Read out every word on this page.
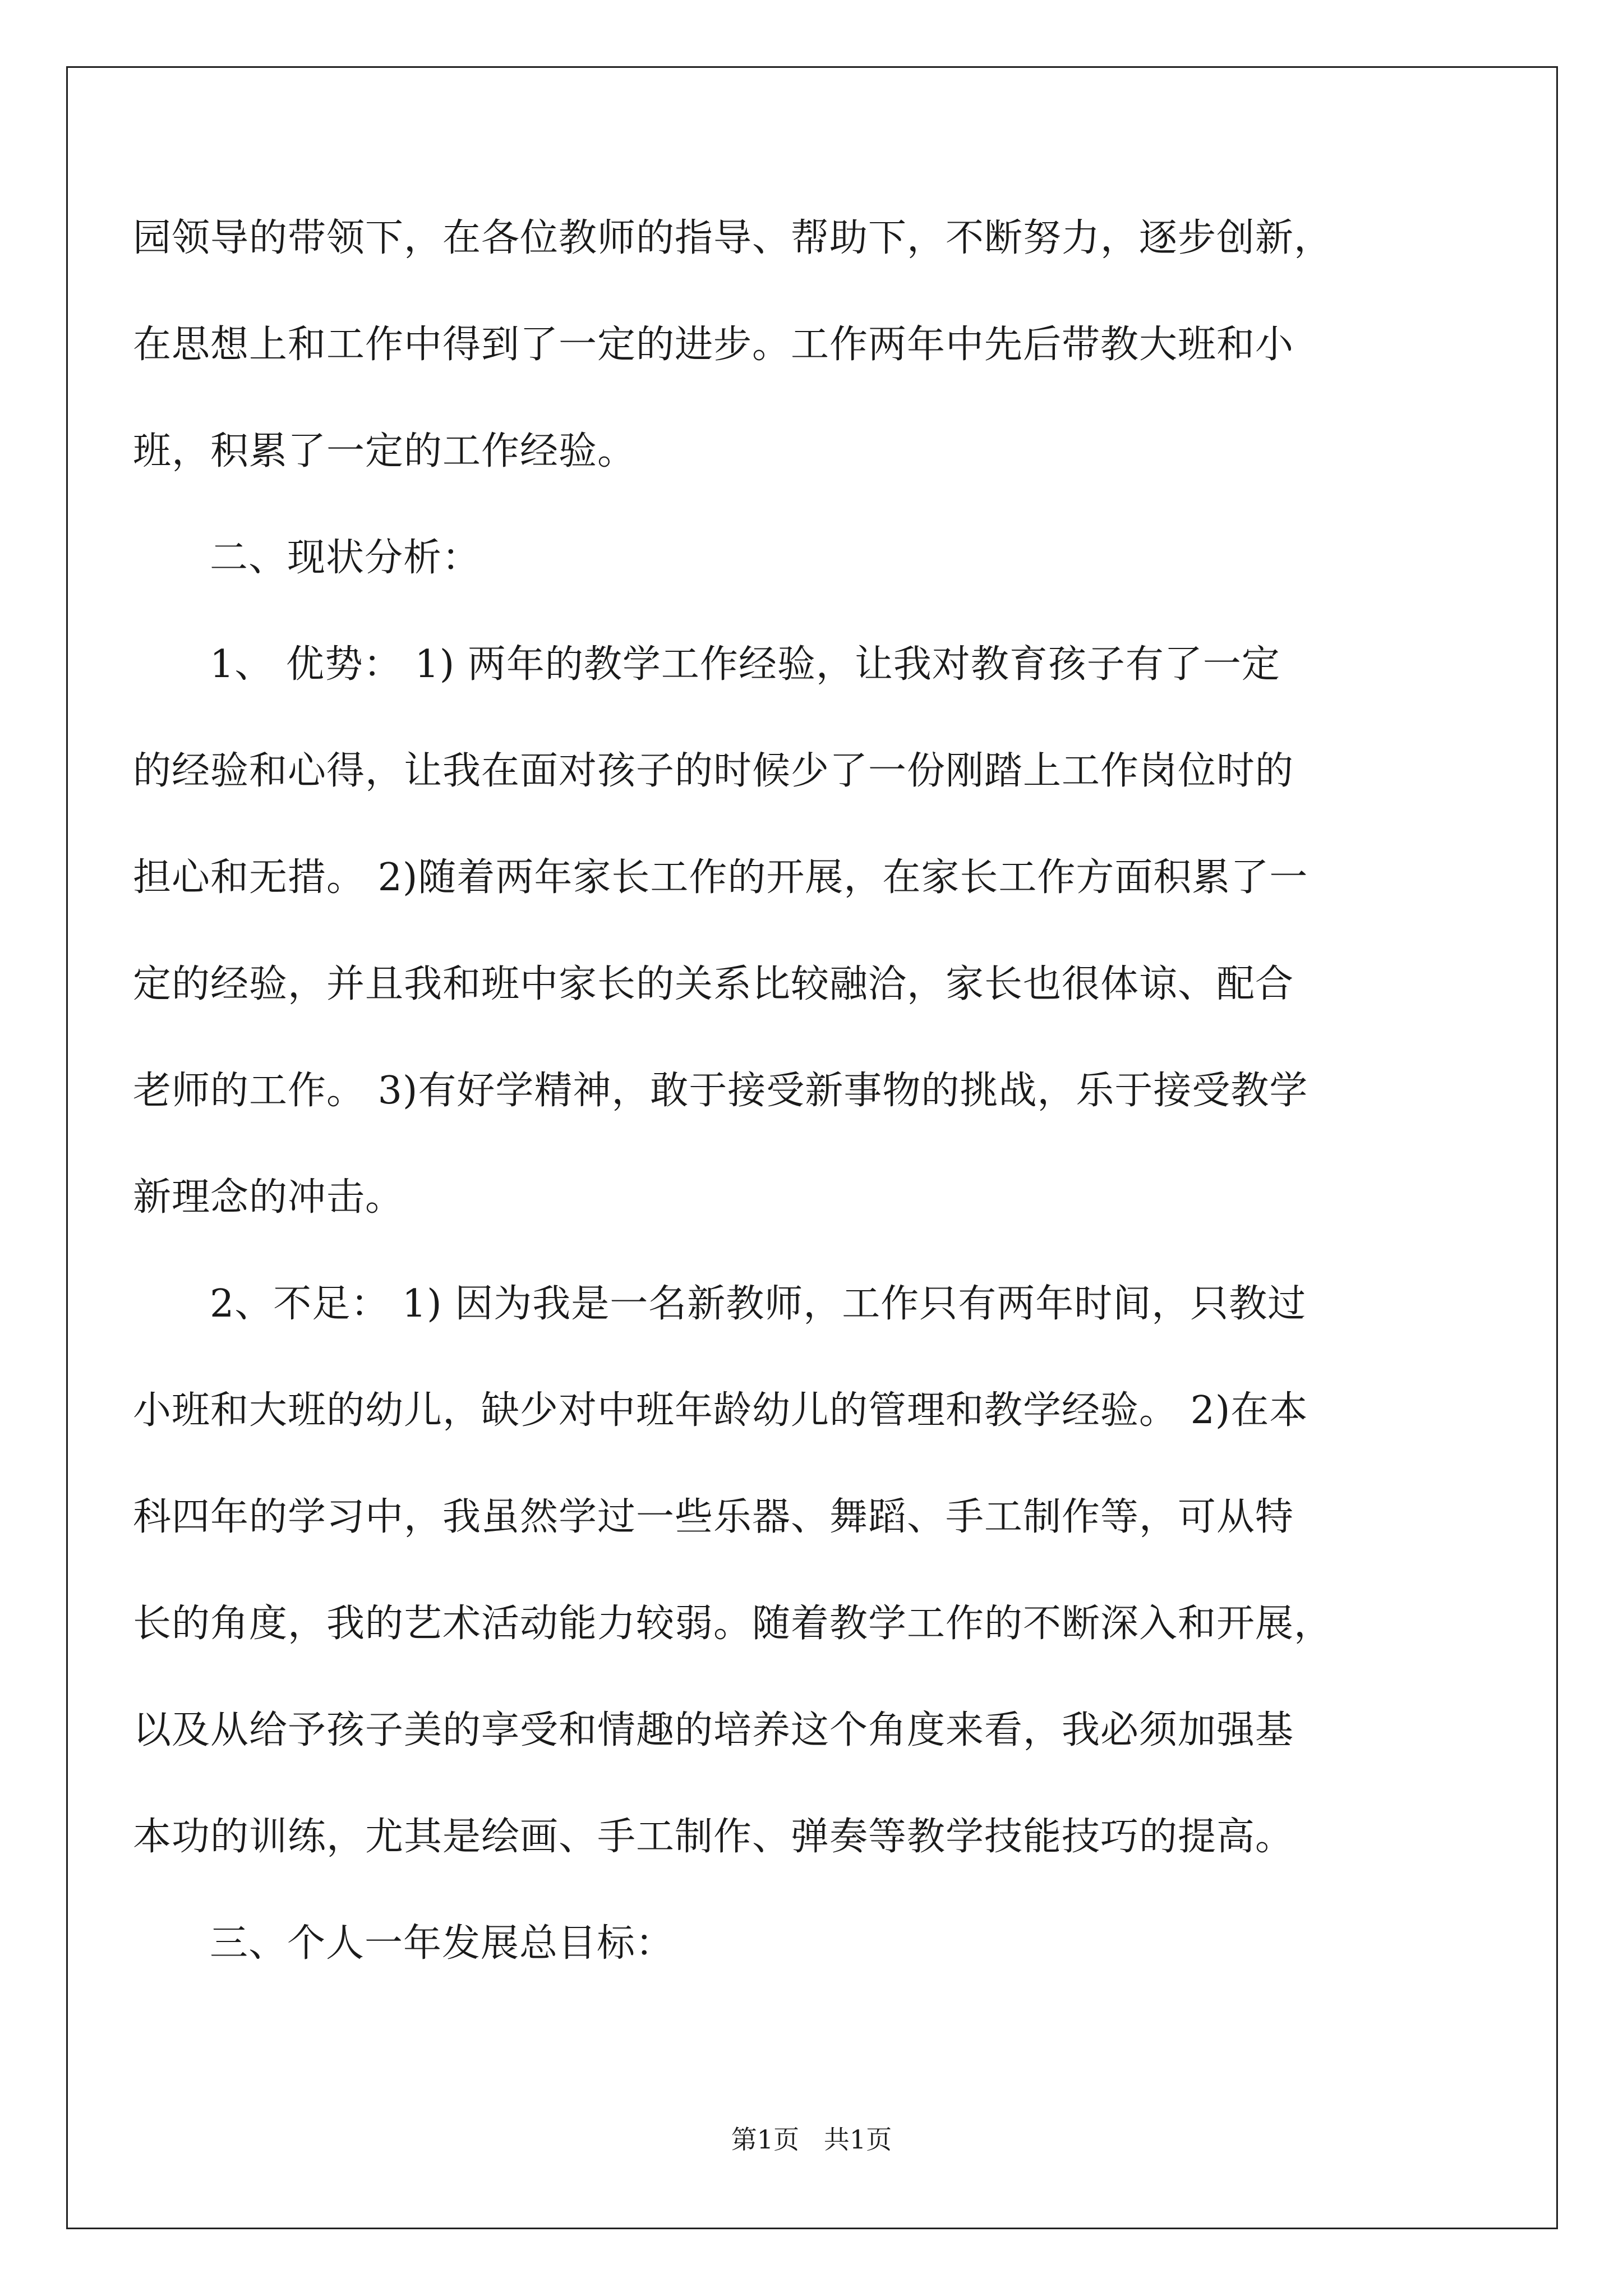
园领导的带领下，在各位教师的指导、帮助下，不断努力，逐步创新，
在思想上和工作中得到了一定的进步。工作两年中先后带教大班和小
班，积累了一定的工作经验。
二、现状分析：
1、 优势： 1) 两年的教学工作经验，让我对教育孩子有了一定
的经验和心得，让我在面对孩子的时候少了一份刚踏上工作岗位时的
担心和无措。 2)随着两年家长工作的开展，在家长工作方面积累了一
定的经验，并且我和班中家长的关系比较融洽，家长也很体谅、配合
老师的工作。 3)有好学精神，敢于接受新事物的挑战，乐于接受教学
新理念的冲击。
2、不足： 1) 因为我是一名新教师，工作只有两年时间，只教过
小班和大班的幼儿，缺少对中班年龄幼儿的管理和教学经验。 2)在本
科四年的学习中，我虽然学过一些乐器、舞蹈、手工制作等，可从特
长的角度，我的艺术活动能力较弱。随着教学工作的不断深入和开展，
以及从给予孩子美的享受和情趣的培养这个角度来看，我必须加强基
本功的训练，尤其是绘画、手工制作、弹奏等教学技能技巧的提高。
三、个人一年发展总目标：
第1页   共1页
